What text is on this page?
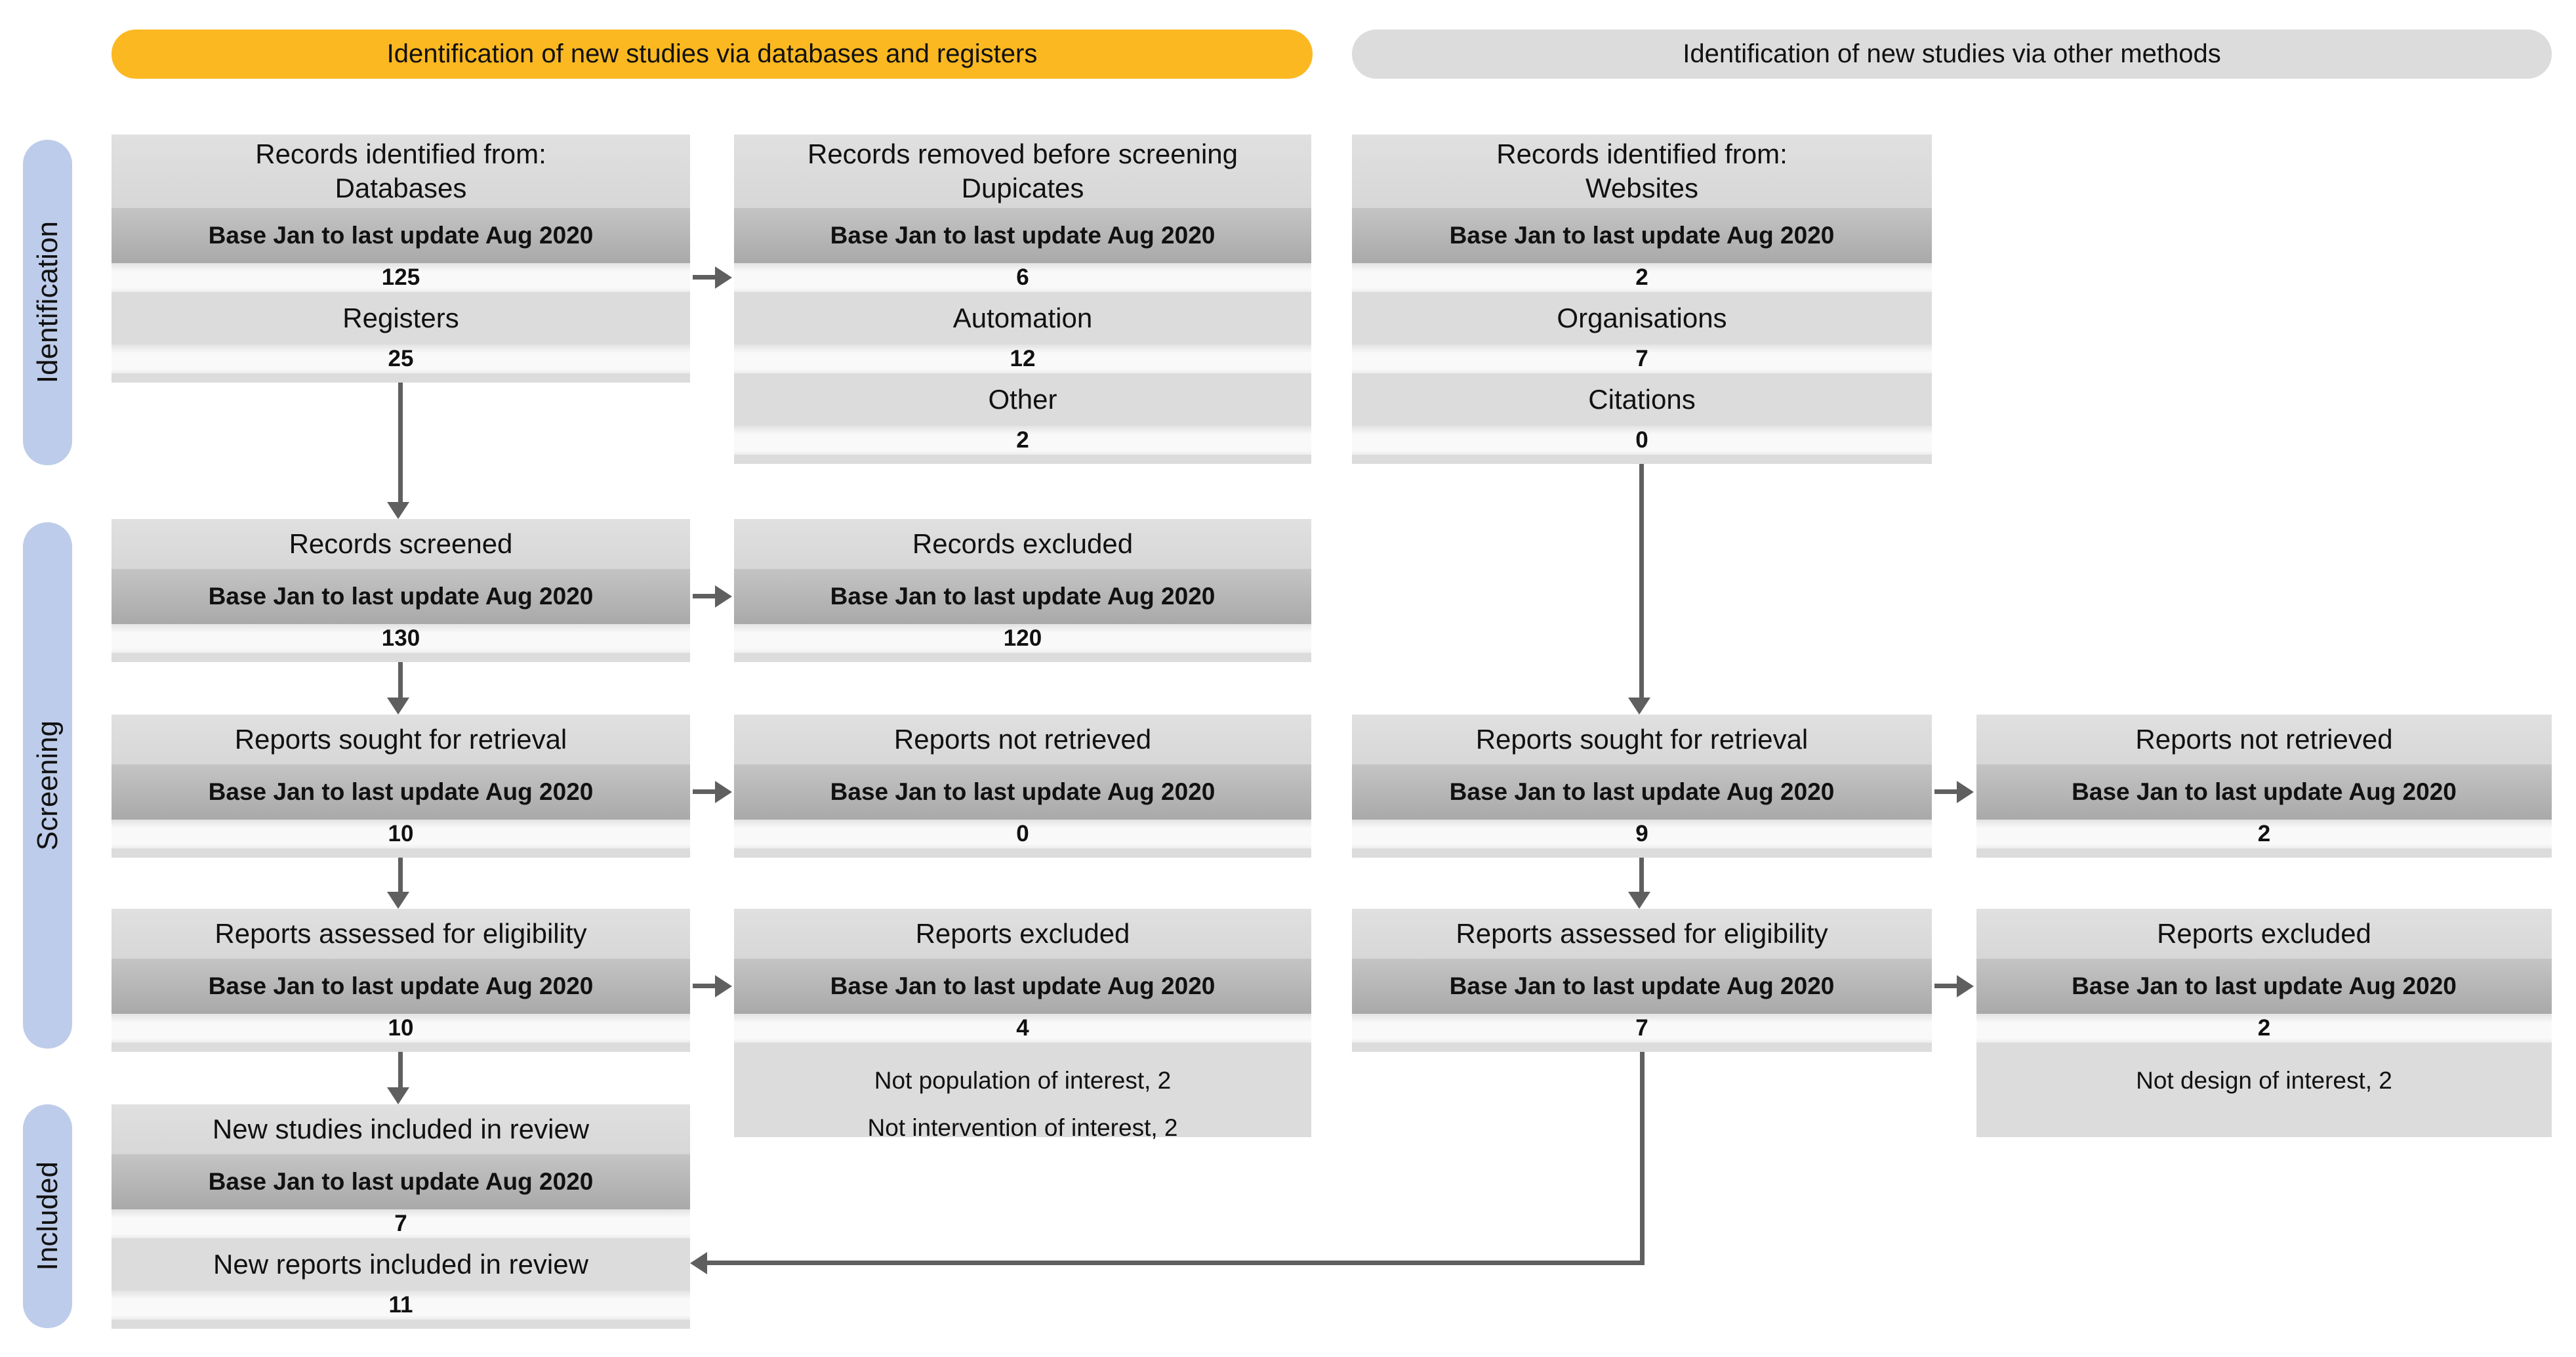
Identification of new studies via databases and registers	Identification of new studies via other methods
Identification
Screening
Included
Records identified from:
Databases
Base Jan to last update Aug 2020
125
Registers
25
Records removed before screening
Dupicates
Base Jan to last update Aug 2020
6
Automation
12
Other
2
Records identified from:
Websites
Base Jan to last update Aug 2020
2
Organisations
7
Citations
0
Records screened
Base Jan to last update Aug 2020
130
Records excluded
Base Jan to last update Aug 2020
120
Reports sought for retrieval
Base Jan to last update Aug 2020
10
Reports not retrieved
Base Jan to last update Aug 2020
0
Reports sought for retrieval
Base Jan to last update Aug 2020
9
Reports not retrieved
Base Jan to last update Aug 2020
2
Reports assessed for eligibility
Base Jan to last update Aug 2020
10
Reports excluded
Base Jan to last update Aug 2020
4
Not population of interest, 2
Not intervention of interest, 2
Reports assessed for eligibility
Base Jan to last update Aug 2020
7
Reports excluded
Base Jan to last update Aug 2020
2
Not design of interest, 2
New studies included in review
Base Jan to last update Aug 2020
7
New reports included in review
11
